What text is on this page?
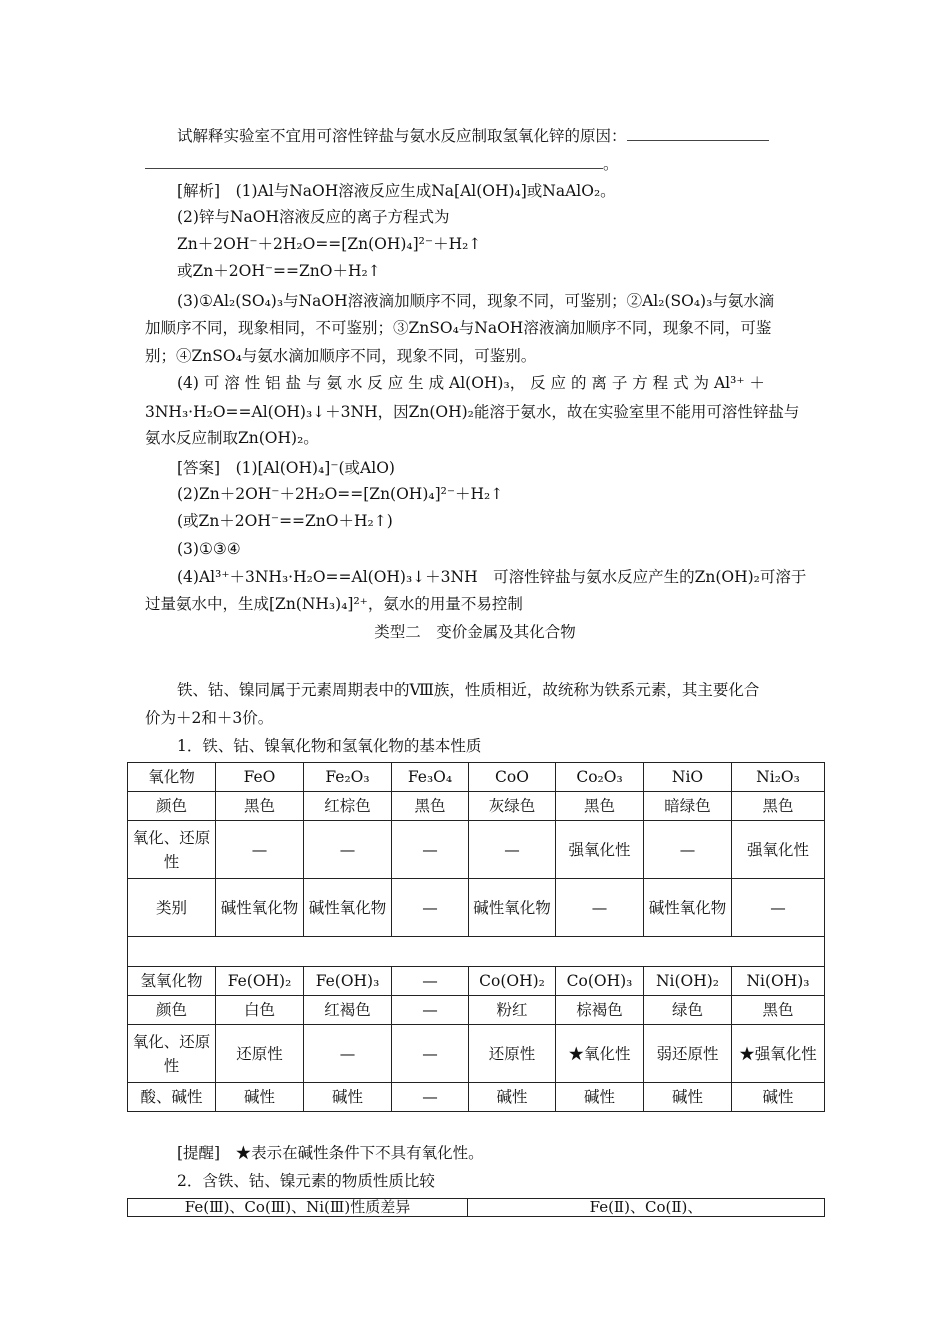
试解释实验室不宜用可溶性锌盐与氨水反应制取氢氧化锌的原因：
。
[解析]　(1)Al与NaOH溶液反应生成Na[Al(OH)₄]或NaAlO₂。
(2)锌与NaOH溶液反应的离子方程式为
Zn＋2OH⁻＋2H₂O==[Zn(OH)₄]²⁻＋H₂↑
或Zn＋2OH⁻==ZnO＋H₂↑
(3)①Al₂(SO₄)₃与NaOH溶液滴加顺序不同，现象不同，可鉴别；②Al₂(SO₄)₃与氨水滴
加顺序不同，现象相同，不可鉴别；③ZnSO₄与NaOH溶液滴加顺序不同，现象不同，可鉴
别；④ZnSO₄与氨水滴加顺序不同，现象不同，可鉴别。
(4) 可 溶 性 铝 盐 与 氨 水 反 应 生 成 Al(OH)₃， 反 应 的 离 子 方 程 式 为 Al³⁺ ＋
3NH₃·H₂O==Al(OH)₃↓＋3NH，因Zn(OH)₂能溶于氨水，故在实验室里不能用可溶性锌盐与
氨水反应制取Zn(OH)₂。
[答案]　(1)[Al(OH)₄]⁻(或AlO)
(2)Zn＋2OH⁻＋2H₂O==[Zn(OH)₄]²⁻＋H₂↑
(或Zn＋2OH⁻==ZnO＋H₂↑)
(3)①③④
(4)Al³⁺＋3NH₃·H₂O==Al(OH)₃↓＋3NH　可溶性锌盐与氨水反应产生的Zn(OH)₂可溶于
过量氨水中，生成[Zn(NH₃)₄]²⁺，氨水的用量不易控制
类型二　变价金属及其化合物
铁、钴、镍同属于元素周期表中的Ⅷ族，性质相近，故统称为铁系元素，其主要化合
价为＋2和＋3价。
1．铁、钴、镍氧化物和氢氧化物的基本性质
氧化物	FeO	Fe₂O₃	Fe₃O₄	CoO	Co₂O₃	NiO	Ni₂O₃
颜色	黑色	红棕色	黑色	灰绿色	黑色	暗绿色	黑色
氧化、还原性	—	—	—	—	强氧化性	—	强氧化性
类别	碱性氧化物	碱性氧化物	—	碱性氧化物	—	碱性氧化物	—

氢氧化物	Fe(OH)₂	Fe(OH)₃	—	Co(OH)₂	Co(OH)₃	Ni(OH)₂	Ni(OH)₃
颜色	白色	红褐色	—	粉红	棕褐色	绿色	黑色
氧化、还原性	还原性	—	—	还原性	★氧化性	弱还原性	★强氧化性
酸、碱性	碱性	碱性	—	碱性	碱性	碱性	碱性
[提醒]　★表示在碱性条件下不具有氧化性。
2．含铁、钴、镍元素的物质性质比较
Fe(Ⅲ)、Co(Ⅲ)、Ni(Ⅲ)性质差异	Fe(Ⅱ)、Co(Ⅱ)、
